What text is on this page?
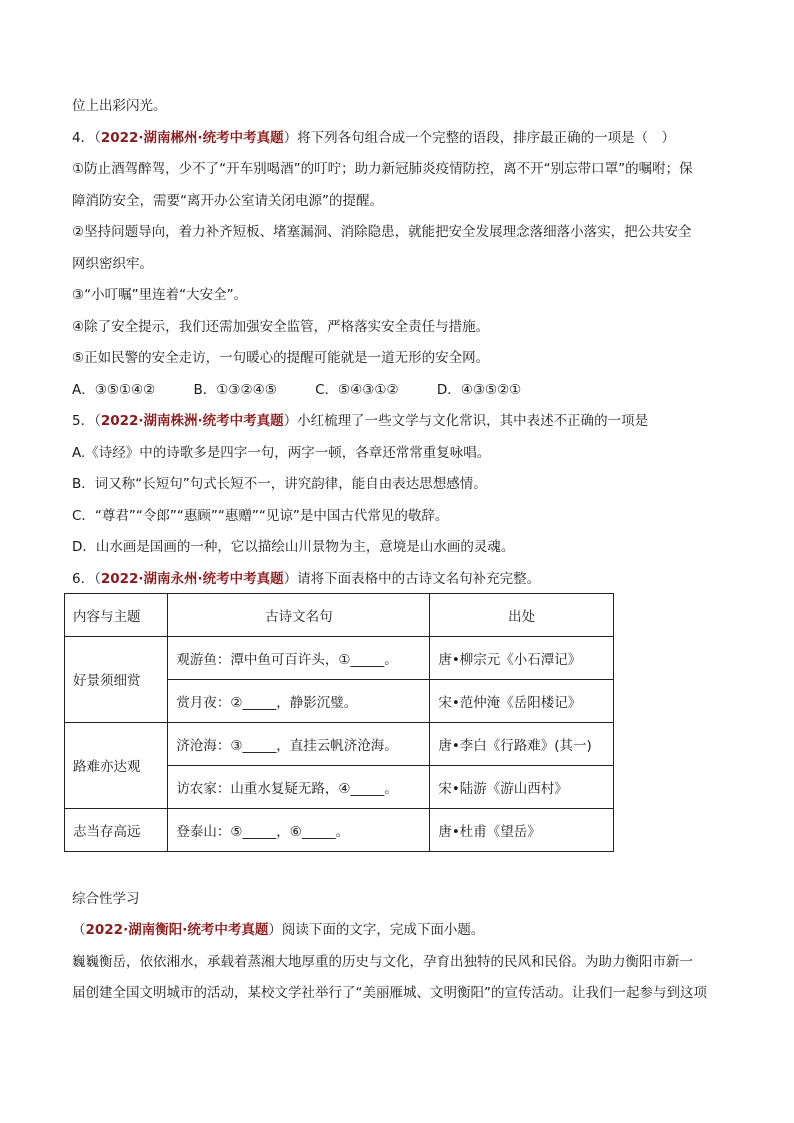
位上出彩闪光。

4．（2022·湖南郴州·统考中考真题）将下列各句组合成一个完整的语段，排序最正确的一项是（　）

①防止酒驾醉驾，少不了“开车别喝酒”的叮咛；助力新冠肺炎疫情防控，离不开“别忘带口罩”的嘱咐；保

障消防安全，需要“离开办公室请关闭电源”的提醒。

②坚持问题导向，着力补齐短板、堵塞漏洞、消除隐患，就能把安全发展理念落细落小落实，把公共安全

网织密织牢。

③“小叮嘱”里连着“大安全”。

④除了安全提示，我们还需加强安全监管，严格落实安全责任与措施。

⑤正如民警的安全走访，一句暖心的提醒可能就是一道无形的安全网。

A．③⑤①④②	B．①③②④⑤	C．⑤④③①②	D．④③⑤②①

5．（2022·湖南株洲·统考中考真题）小红梳理了一些文学与文化常识，其中表述不正确的一项是

A.《诗经》中的诗歌多是四字一句，两字一顿，各章还常常重复咏唱。

B．词又称“长短句”句式长短不一，讲究韵律，能自由表达思想感情。

C．“尊君”“令郎”“惠顾”“惠赠”“见谅”是中国古代常见的敬辞。

D．山水画是国画的一种，它以描绘山川景物为主，意境是山水画的灵魂。

6．（2022·湖南永州·统考中考真题）请将下面表格中的古诗文名句补充完整。

内容与主题	古诗文名句	出处
好景须细赏	观游鱼：潭中鱼可百许头，①_____。	唐•柳宗元《小石潭记》
	赏月夜：②_____，静影沉璧。	宋•范仲淹《岳阳楼记》
路难亦达观	济沧海：③_____，直挂云帆济沧海。	唐•李白《行路难》(其一)
	访农家：山重水复疑无路，④_____。	宋•陆游《游山西村》
志当存高远	登泰山：⑤_____，⑥_____。	唐•杜甫《望岳》

综合性学习

（2022·湖南衡阳·统考中考真题）阅读下面的文字，完成下面小题。

巍巍衡岳，依依湘水，承载着蒸湘大地厚重的历史与文化，孕育出独特的民风和民俗。为助力衡阳市新一

届创建全国文明城市的活动，某校文学社举行了“美丽雁城、文明衡阳”的宣传活动。让我们一起参与到这项
